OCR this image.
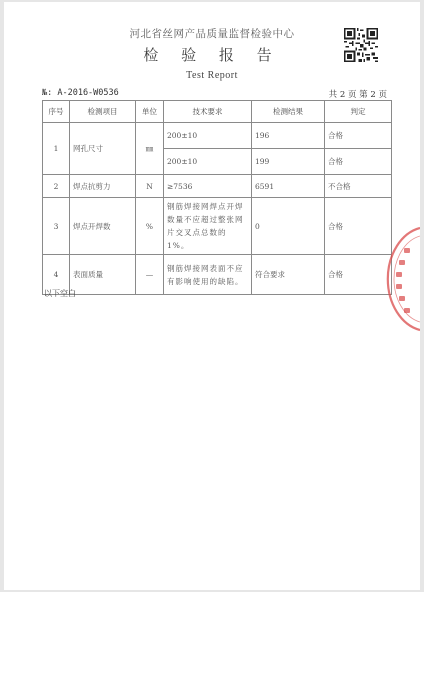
河北省丝网产品质量监督检验中心
检 验 报 告
Test Report
№: A-2016-W0536	共 2 页 第 2 页
序号	检测项目	单位	技术要求	检测结果	判定
1	网孔尺寸	㎜	200±10	196	合格
			200±10	199	合格
2	焊点抗剪力	N	≥7536	6591	不合格
3	焊点开焊数	%	钢筋焊接网焊点开焊数量不应超过整张网片交叉点总数的 1%。	0	合格
4	表面质量	—	钢筋焊接网表面不应有影响使用的缺陷。	符合要求	合格
以下空白
